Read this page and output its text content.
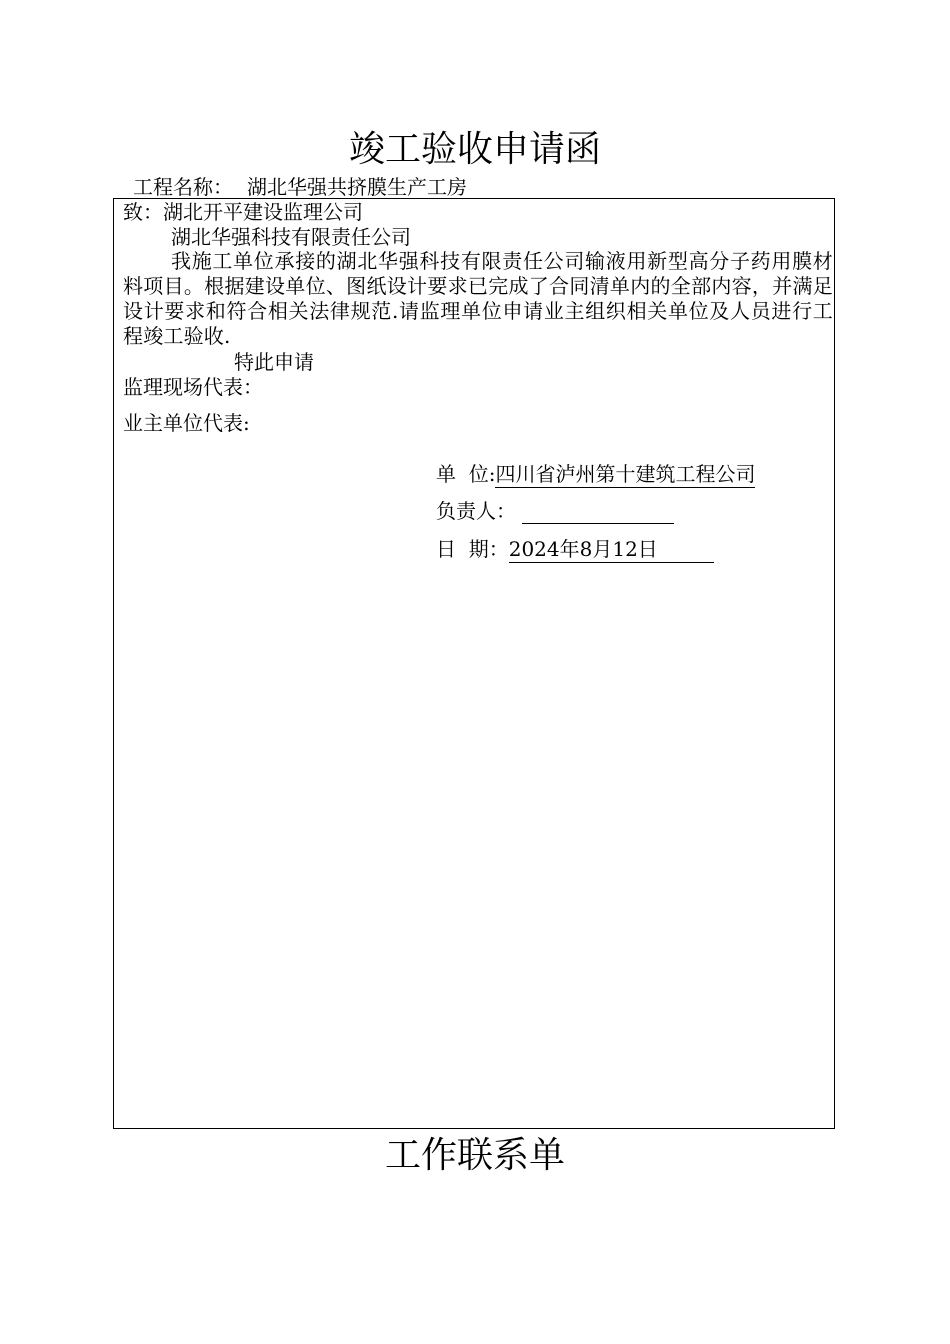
竣工验收申请函
工程名称： 湖北华强共挤膜生产工房
致：湖北开平建设监理公司
湖北华强科技有限责任公司
我施工单位承接的湖北华强科技有限责任公司输液用新型高分子药用膜材料项目。根据建设单位、图纸设计要求已完成了合同清单内的全部内容，并满足设计要求和符合相关法律规范.请监理单位申请业主组织相关单位及人员进行工程竣工验收.
特此申请
监理现场代表：
业主单位代表:
单  位:四川省泸州第十建筑工程公司
负责人：
日  期：2024年8月12日
工作联系单
